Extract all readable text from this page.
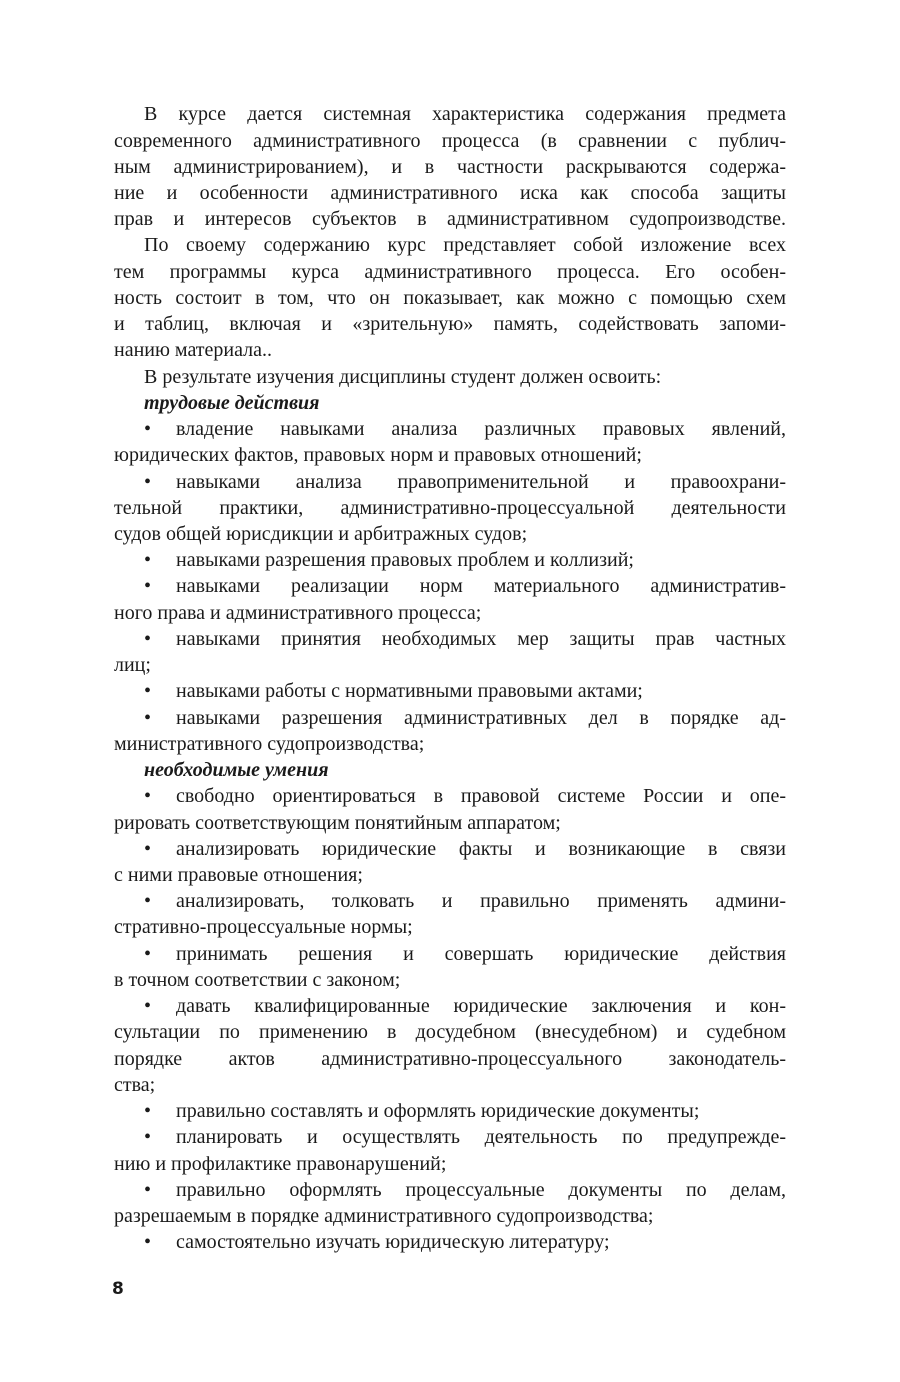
В курсе дается системная характеристика содержания предмета
современного административного процесса (в сравнении с публич-
ным администрированием), и в частности раскрываются содержа-
ние и особенности административного иска как способа защиты
прав и интересов субъектов в административном судопроизводстве.
По своему содержанию курс представляет собой изложение всех
тем программы курса административного процесса. Его особен-
ность состоит в том, что он показывает, как можно с помощью схем
и таблиц, включая и «зрительную» память, содействовать запоми-
нанию материала..
В результате изучения дисциплины студент должен освоить:
трудовые действия
•	владение навыками анализа различных правовых явлений,
юридических фактов, правовых норм и правовых отношений;
•	навыками анализа правоприменительной и правоохрани-
тельной практики, административно-процессуальной деятельности
судов общей юрисдикции и арбитражных судов;
•	навыками разрешения правовых проблем и коллизий;
•	навыками реализации норм материального административ-
ного права и административного процесса;
•	навыками принятия необходимых мер защиты прав частных
лиц;
•	навыками работы с нормативными правовыми актами;
•	навыками разрешения административных дел в порядке ад-
министративного судопроизводства;
необходимые умения
•	свободно ориентироваться в правовой системе России и опе-
рировать соответствующим понятийным аппаратом;
•	анализировать юридические факты и возникающие в связи
с ними правовые отношения;
•	анализировать, толковать и правильно применять админи-
стративно-процессуальные нормы;
•	принимать решения и совершать юридические действия
в точном соответствии с законом;
•	давать квалифицированные юридические заключения и кон-
сультации по применению в досудебном (внесудебном) и судебном
порядке актов административно-процессуального законодатель-
ства;
•	правильно составлять и оформлять юридические документы;
•	планировать и осуществлять деятельность по предупрежде-
нию и профилактике правонарушений;
•	правильно оформлять процессуальные документы по делам,
разрешаемым в порядке административного судопроизводства;
•	самостоятельно изучать юридическую литературу;
8
